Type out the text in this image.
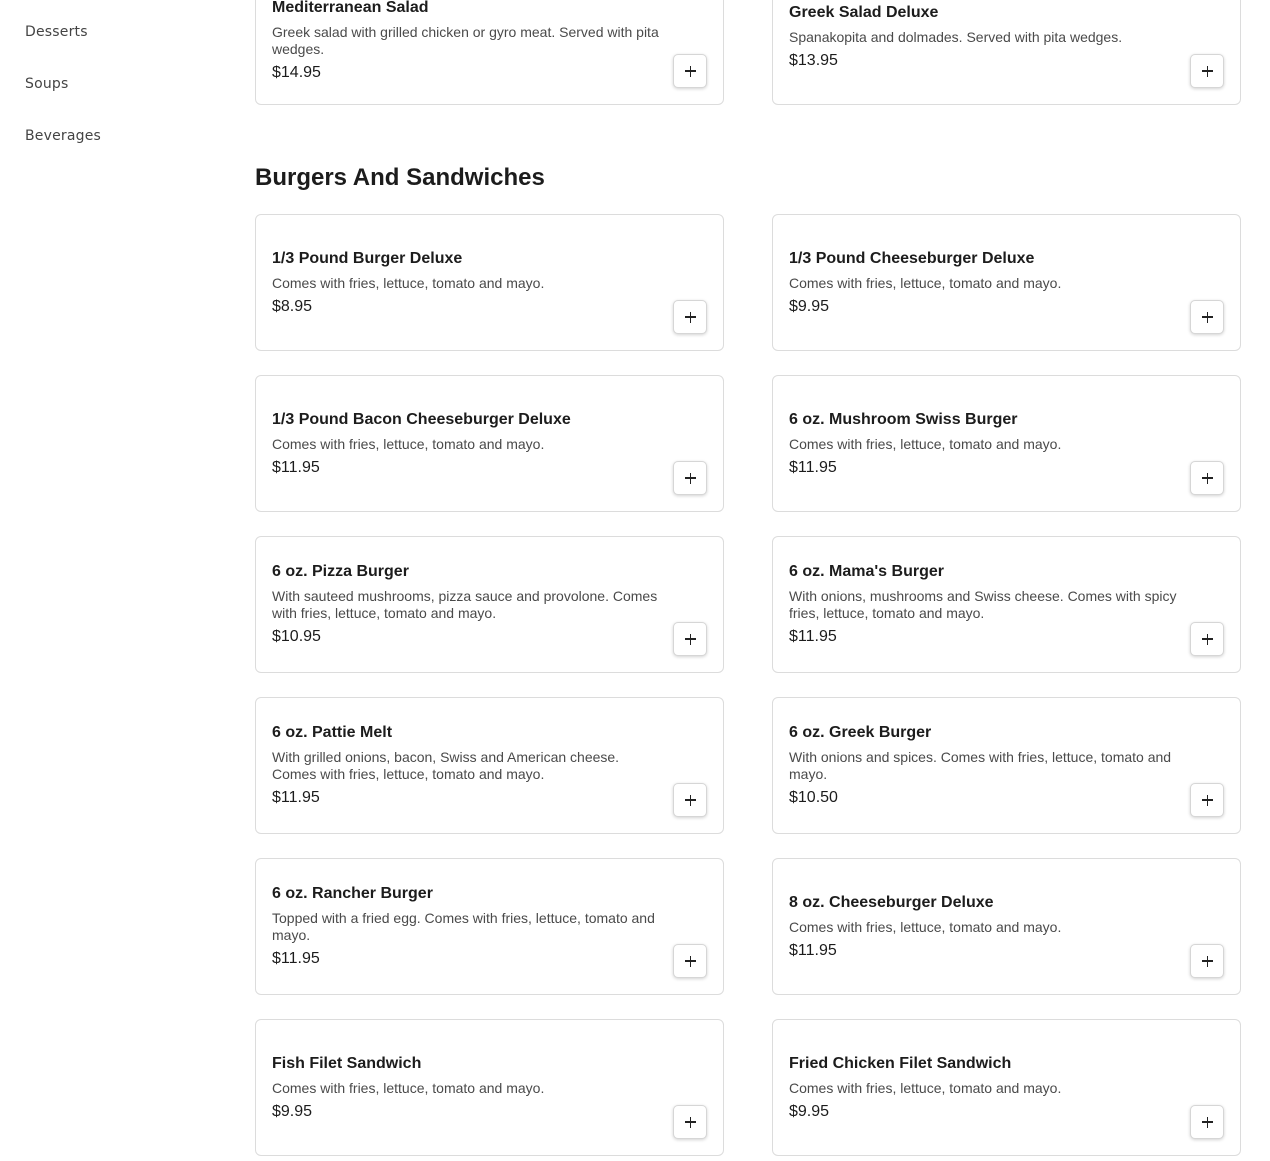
Desserts
Soups
Beverages
Mediterranean Salad
Greek salad with grilled chicken or gyro meat. Served with pita wedges.
$14.95
Greek Salad Deluxe
Spanakopita and dolmades. Served with pita wedges.
$13.95
Burgers And Sandwiches
1/3 Pound Burger Deluxe
Comes with fries, lettuce, tomato and mayo.
$8.95
1/3 Pound Cheeseburger Deluxe
Comes with fries, lettuce, tomato and mayo.
$9.95
1/3 Pound Bacon Cheeseburger Deluxe
Comes with fries, lettuce, tomato and mayo.
$11.95
6 oz. Mushroom Swiss Burger
Comes with fries, lettuce, tomato and mayo.
$11.95
6 oz. Pizza Burger
With sauteed mushrooms, pizza sauce and provolone. Comes with fries, lettuce, tomato and mayo.
$10.95
6 oz. Mama's Burger
With onions, mushrooms and Swiss cheese. Comes with spicy fries, lettuce, tomato and mayo.
$11.95
6 oz. Pattie Melt
With grilled onions, bacon, Swiss and American cheese. Comes with fries, lettuce, tomato and mayo.
$11.95
6 oz. Greek Burger
With onions and spices. Comes with fries, lettuce, tomato and mayo.
$10.50
6 oz. Rancher Burger
Topped with a fried egg. Comes with fries, lettuce, tomato and mayo.
$11.95
8 oz. Cheeseburger Deluxe
Comes with fries, lettuce, tomato and mayo.
$11.95
Fish Filet Sandwich
Comes with fries, lettuce, tomato and mayo.
$9.95
Fried Chicken Filet Sandwich
Comes with fries, lettuce, tomato and mayo.
$9.95
